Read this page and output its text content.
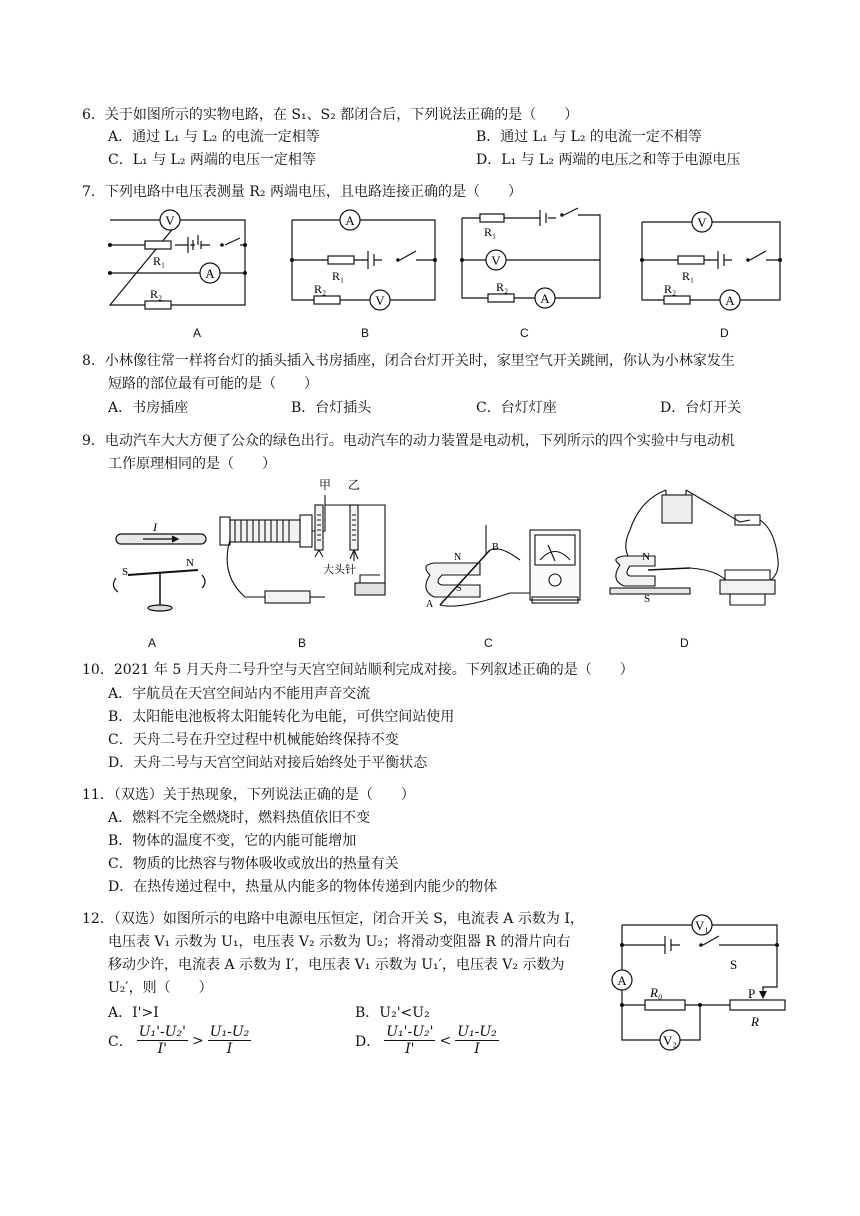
6．关于如图所示的实物电路，在 S₁、S₂ 都闭合后，下列说法正确的是（　　）
A．通过 L₁ 与 L₂ 的电流一定相等	B．通过 L₁ 与 L₂ 的电流一定不相等
C．L₁ 与 L₂ 两端的电压一定相等	D．L₁ 与 L₂ 两端的电压之和等于电源电压
7．下列电路中电压表测量 R₂ 两端电压，且电路连接正确的是（　　）
V
A
R₁
R₂
A
A
V
R₁
R₂
B
V
A
R₁
R₂
C
V
A
R₁
R₂
D
8．小林像往常一样将台灯的插头插入书房插座，闭合台灯开关时，家里空气开关跳闸，你认为小林家发生
短路的部位最有可能的是（　　）
A．书房插座	B．台灯插头	C．台灯灯座	D．台灯开关
9．电动汽车大大方便了公众的绿色出行。电动汽车的动力装置是电动机，下列所示的四个实验中与电动机
工作原理相同的是（　　）
I
S
N
A
甲 乙
大头针
B
N
S
A
B
C
N
S
D
10．2021 年 5 月天舟二号升空与天宫空间站顺利完成对接。下列叙述正确的是（　　）
A．宇航员在天宫空间站内不能用声音交流
B．太阳能电池板将太阳能转化为电能，可供空间站使用
C．天舟二号在升空过程中机械能始终保持不变
D．天舟二号与天宫空间站对接后始终处于平衡状态
11．（双选）关于热现象，下列说法正确的是（　　）
A．燃料不完全燃烧时，燃料热值依旧不变
B．物体的温度不变，它的内能可能增加
C．物质的比热容与物体吸收或放出的热量有关
D．在热传递过程中，热量从内能多的物体传递到内能少的物体
12．（双选）如图所示的电路中电源电压恒定，闭合开关 S，电流表 A 示数为 I，
电压表 V₁ 示数为 U₁，电压表 V₂ 示数为 U₂；将滑动变阻器 R 的滑片向右
移动少许，电流表 A 示数为 I′，电压表 V₁ 示数为 U₁′，电压表 V₂ 示数为
U₂′，则（　　）
A．I'>I	B．U₂'<U₂
C． $\frac{\text{U₁'-U₂'}}{I'} > \frac{\text{U₁-U₂}}{I}$	D． $\frac{\text{U₁'-U₂'}}{I'} < \frac{\text{U₁-U₂}}{I}$
V₁
A
V₂
S
R₀	P
R
